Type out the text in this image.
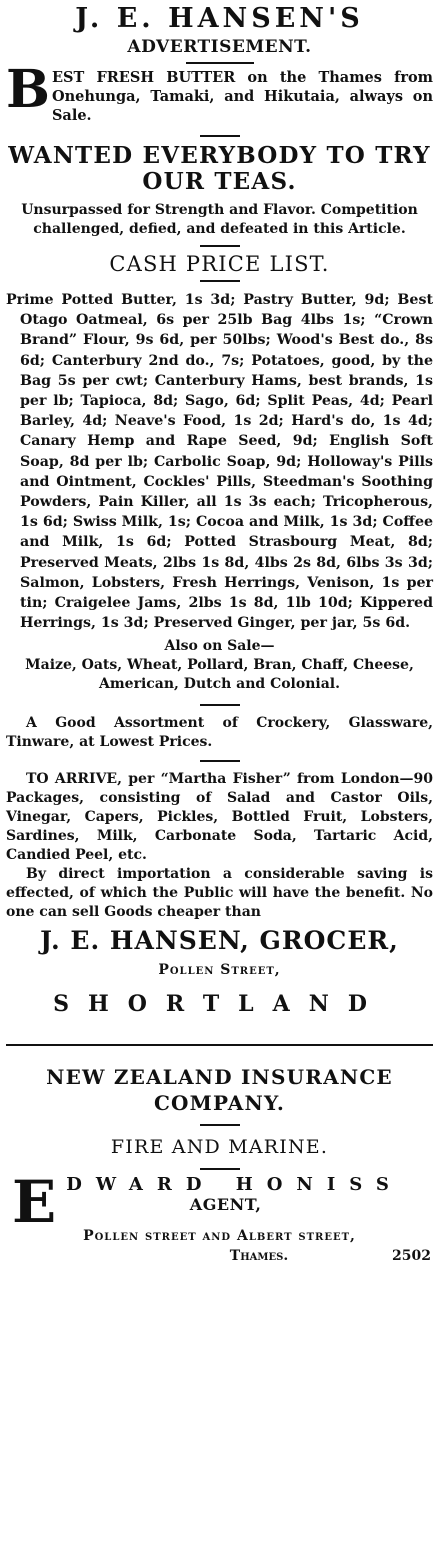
J. E. HANSEN'S
ADVERTISEMENT.
B EST FRESH BUTTER on the Thames from Onehunga, Tamaki, and Hikutaia, always on Sale.
WANTED EVERYBODY TO TRY OUR TEAS.
Unsurpassed for Strength and Flavor. Competition challenged, defied, and defeated in this Article.
CASH PRICE LIST.
Prime Potted Butter, 1s 3d; Pastry Butter, 9d; Best Otago Oatmeal, 6s per 25lb Bag 4lbs 1s; “Crown Brand” Flour, 9s 6d, per 50lbs; Wood's Best do., 8s 6d; Canterbury 2nd do., 7s; Potatoes, good, by the Bag 5s per cwt; Canterbury Hams, best brands, 1s per lb; Tapioca, 8d; Sago, 6d; Split Peas, 4d; Pearl Barley, 4d; Neave's Food, 1s 2d; Hard's do, 1s 4d; Canary Hemp and Rape Seed, 9d; English Soft Soap, 8d per lb; Carbolic Soap, 9d; Holloway's Pills and Ointment, Cockles' Pills, Steedman's Soothing Powders, Pain Killer, all 1s 3s each; Tricopherous, 1s 6d; Swiss Milk, 1s; Cocoa and Milk, 1s 3d; Coffee and Milk, 1s 6d; Potted Strasbourg Meat, 8d; Preserved Meats, 2lbs 1s 8d, 4lbs 2s 8d, 6lbs 3s 3d; Salmon, Lobsters, Fresh Herrings, Venison, 1s per tin; Craigelee Jams, 2lbs 1s 8d, 1lb 10d; Kippered Herrings, 1s 3d; Preserved Ginger, per jar, 5s 6d.
Also on Sale—
Maize, Oats, Wheat, Pollard, Bran, Chaff, Cheese, American, Dutch and Colonial.
A Good Assortment of Crockery, Glassware, Tinware, at Lowest Prices.
TO ARRIVE, per “Martha Fisher” from London—90 Packages, consisting of Salad and Castor Oils, Vinegar, Capers, Pickles, Bottled Fruit, Lobsters, Sardines, Milk, Carbonate Soda, Tartaric Acid, Candied Peel, etc.
By direct importation a considerable saving is effected, of which the Public will have the benefit. No one can sell Goods cheaper than
J. E. HANSEN, GROCER,
Pollen Street,
SHORTLAND
NEW ZEALAND INSURANCE COMPANY.
FIRE AND MARINE.
E DWARD HONISS
AGENT,
Pollen street and Albert street,
Thames.	2502
